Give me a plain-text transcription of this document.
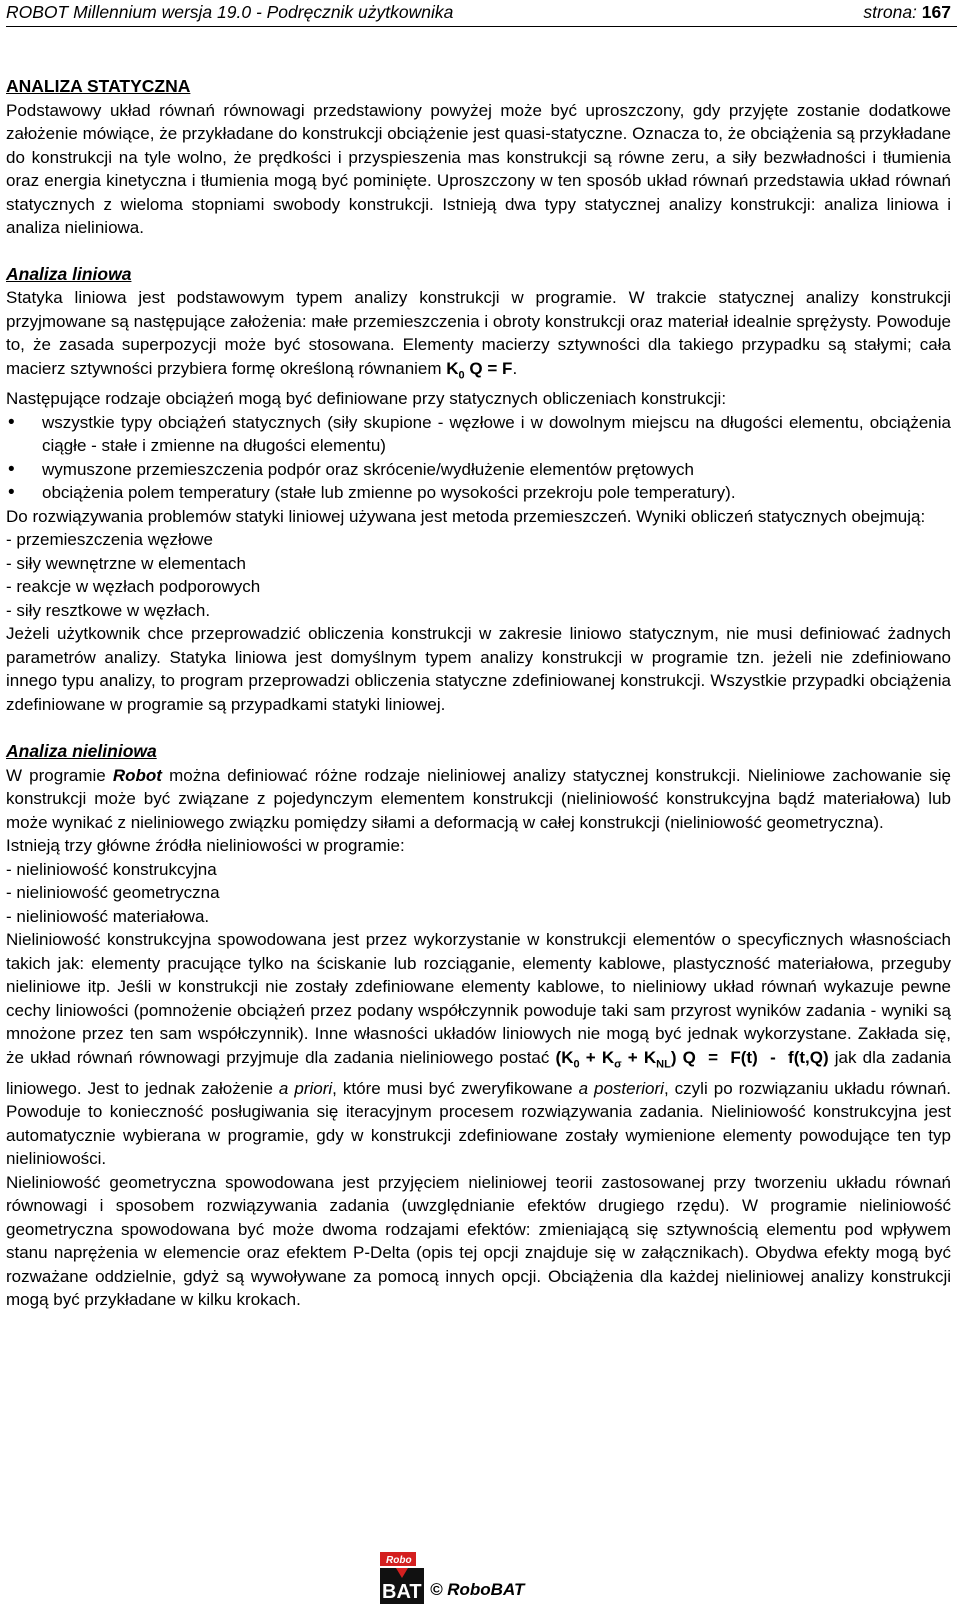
ROBOT Millennium wersja 19.0 - Podręcznik użytkownika	strona: 167
ANALIZA STATYCZNA

Podstawowy układ równań równowagi przedstawiony powyżej może być uproszczony, gdy przyjęte zostanie dodatkowe założenie mówiące, że przykładane do konstrukcji obciążenie jest quasi-statyczne. Oznacza to, że obciążenia są przykładane do konstrukcji na tyle wolno, że prędkości i przyspieszenia mas konstrukcji są równe zeru, a siły bezwładności i tłumienia oraz energia kinetyczna i tłumienia mogą być pominięte. Uproszczony w ten sposób układ równań przedstawia układ równań statycznych z wieloma stopniami swobody konstrukcji. Istnieją dwa typy statycznej analizy konstrukcji: analiza liniowa i analiza nieliniowa.

Analiza liniowa

Statyka liniowa jest podstawowym typem analizy konstrukcji w programie. W trakcie statycznej analizy konstrukcji przyjmowane są następujące założenia: małe przemieszczenia i obroty konstrukcji oraz materiał idealnie sprężysty. Powoduje to, że zasada superpozycji może być stosowana. Elementy macierzy sztywności dla takiego przypadku są stałymi; cała macierz sztywności przybiera formę określoną równaniem $K_0$ Q = F.

Następujące rodzaje obciążeń mogą być definiowane przy statycznych obliczeniach konstrukcji:

• wszystkie typy obciążeń statycznych (siły skupione - węzłowe i w dowolnym miejscu na długości elementu, obciążenia ciągłe - stałe i zmienne na długości elementu)
• wymuszone przemieszczenia podpór oraz skrócenie/wydłużenie elementów prętowych
• obciążenia polem temperatury (stałe lub zmienne po wysokości przekroju pole temperatury).

Do rozwiązywania problemów statyki liniowej używana jest metoda przemieszczeń. Wyniki obliczeń statycznych obejmują:

- przemieszczenia węzłowe
- siły wewnętrzne w elementach
- reakcje w węzłach podporowych
- siły resztkowe w węzłach.

Jeżeli użytkownik chce przeprowadzić obliczenia konstrukcji w zakresie liniowo statycznym, nie musi definiować żadnych parametrów analizy. Statyka liniowa jest domyślnym typem analizy konstrukcji w programie tzn. jeżeli nie zdefiniowano innego typu analizy, to program przeprowadzi obliczenia statyczne zdefiniowanej konstrukcji. Wszystkie przypadki obciążenia zdefiniowane w programie są przypadkami statyki liniowej.

Analiza nieliniowa

W programie Robot można definiować różne rodzaje nieliniowej analizy statycznej konstrukcji. Nieliniowe zachowanie się konstrukcji może być związane z pojedynczym elementem konstrukcji (nieliniowość konstrukcyjna bądź materiałowa) lub może wynikać z nieliniowego związku pomiędzy siłami a deformacją w całej konstrukcji (nieliniowość geometryczna).

Istnieją trzy główne źródła nieliniowości w programie:

- nieliniowość konstrukcyjna
- nieliniowość geometryczna
- nieliniowość materiałowa.

Nieliniowość konstrukcyjna spowodowana jest przez wykorzystanie w konstrukcji elementów o specyficznych własnościach takich jak: elementy pracujące tylko na ściskanie lub rozciąganie, elementy kablowe, plastyczność materiałowa, przeguby nieliniowe itp. Jeśli w konstrukcji nie zostały zdefiniowane elementy kablowe, to nieliniowy układ równań wykazuje pewne cechy liniowości (pomnożenie obciążeń przez podany współczynnik powoduje taki sam przyrost wyników zadania - wyniki są mnożone przez ten sam współczynnik). Inne własności układów liniowych nie mogą być jednak wykorzystane. Zakłada się, że układ równań równowagi przyjmuje dla zadania nieliniowego postać $(K_0 + K_\sigma + K_{NL}) Q = F(t) - f(t,Q)$ jak dla zadania liniowego. Jest to jednak założenie a priori, które musi być zweryfikowane a posteriori, czyli po rozwiązaniu układu równań. Powoduje to konieczność posługiwania się iteracyjnym procesem rozwiązywania zadania. Nieliniowość konstrukcyjna jest automatycznie wybierana w programie, gdy w konstrukcji zdefiniowane zostały wymienione elementy powodujące ten typ nieliniowości.

Nieliniowość geometryczna spowodowana jest przyjęciem nieliniowej teorii zastosowanej przy tworzeniu układu równań równowagi i sposobem rozwiązywania zadania (uwzględnianie efektów drugiego rzędu). W programie nieliniowość geometryczna spowodowana być może dwoma rodzajami efektów: zmieniającą się sztywnością elementu pod wpływem stanu naprężenia w elemencie oraz efektem P-Delta (opis tej opcji znajduje się w załącznikach). Obydwa efekty mogą być rozważane oddzielnie, gdyż są wywoływane za pomocą innych opcji. Obciążenia dla każdej nieliniowej analizy konstrukcji mogą być przykładane w kilku krokach.

Robo
BAT © RoboBAT
